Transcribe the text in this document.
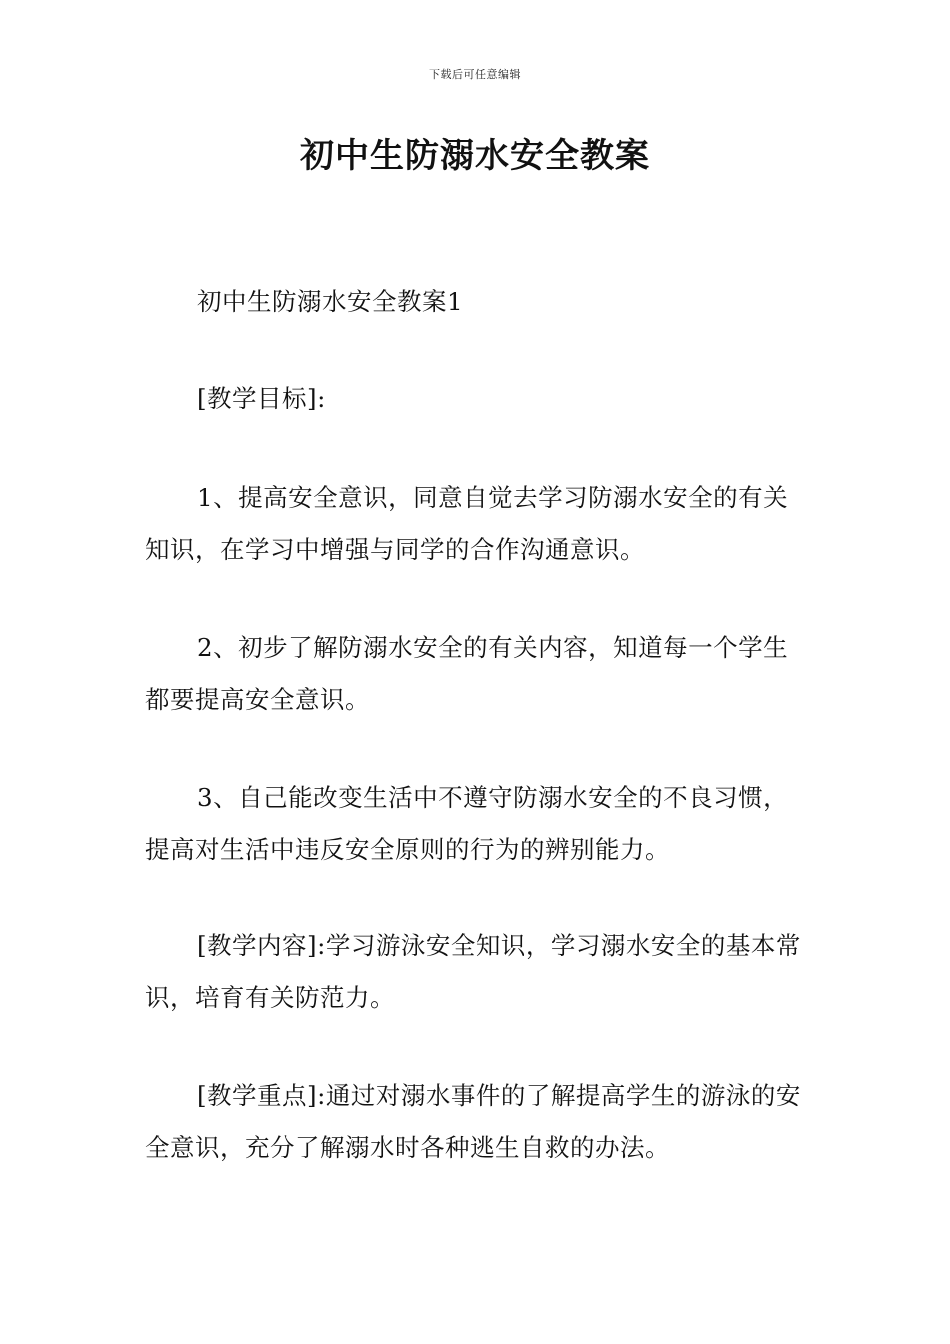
下载后可任意编辑
初中生防溺水安全教案

初中生防溺水安全教案1

[教学目标]:

1、提高安全意识，同意自觉去学习防溺水安全的有关知识，在学习中增强与同学的合作沟通意识。

2、初步了解防溺水安全的有关内容，知道每一个学生都要提高安全意识。

3、自己能改变生活中不遵守防溺水安全的不良习惯，提高对生活中违反安全原则的行为的辨别能力。

[教学内容]:学习游泳安全知识，学习溺水安全的基本常识，培育有关防范力。

[教学重点]:通过对溺水事件的了解提高学生的游泳的安全意识，充分了解溺水时各种逃生自救的办法。
